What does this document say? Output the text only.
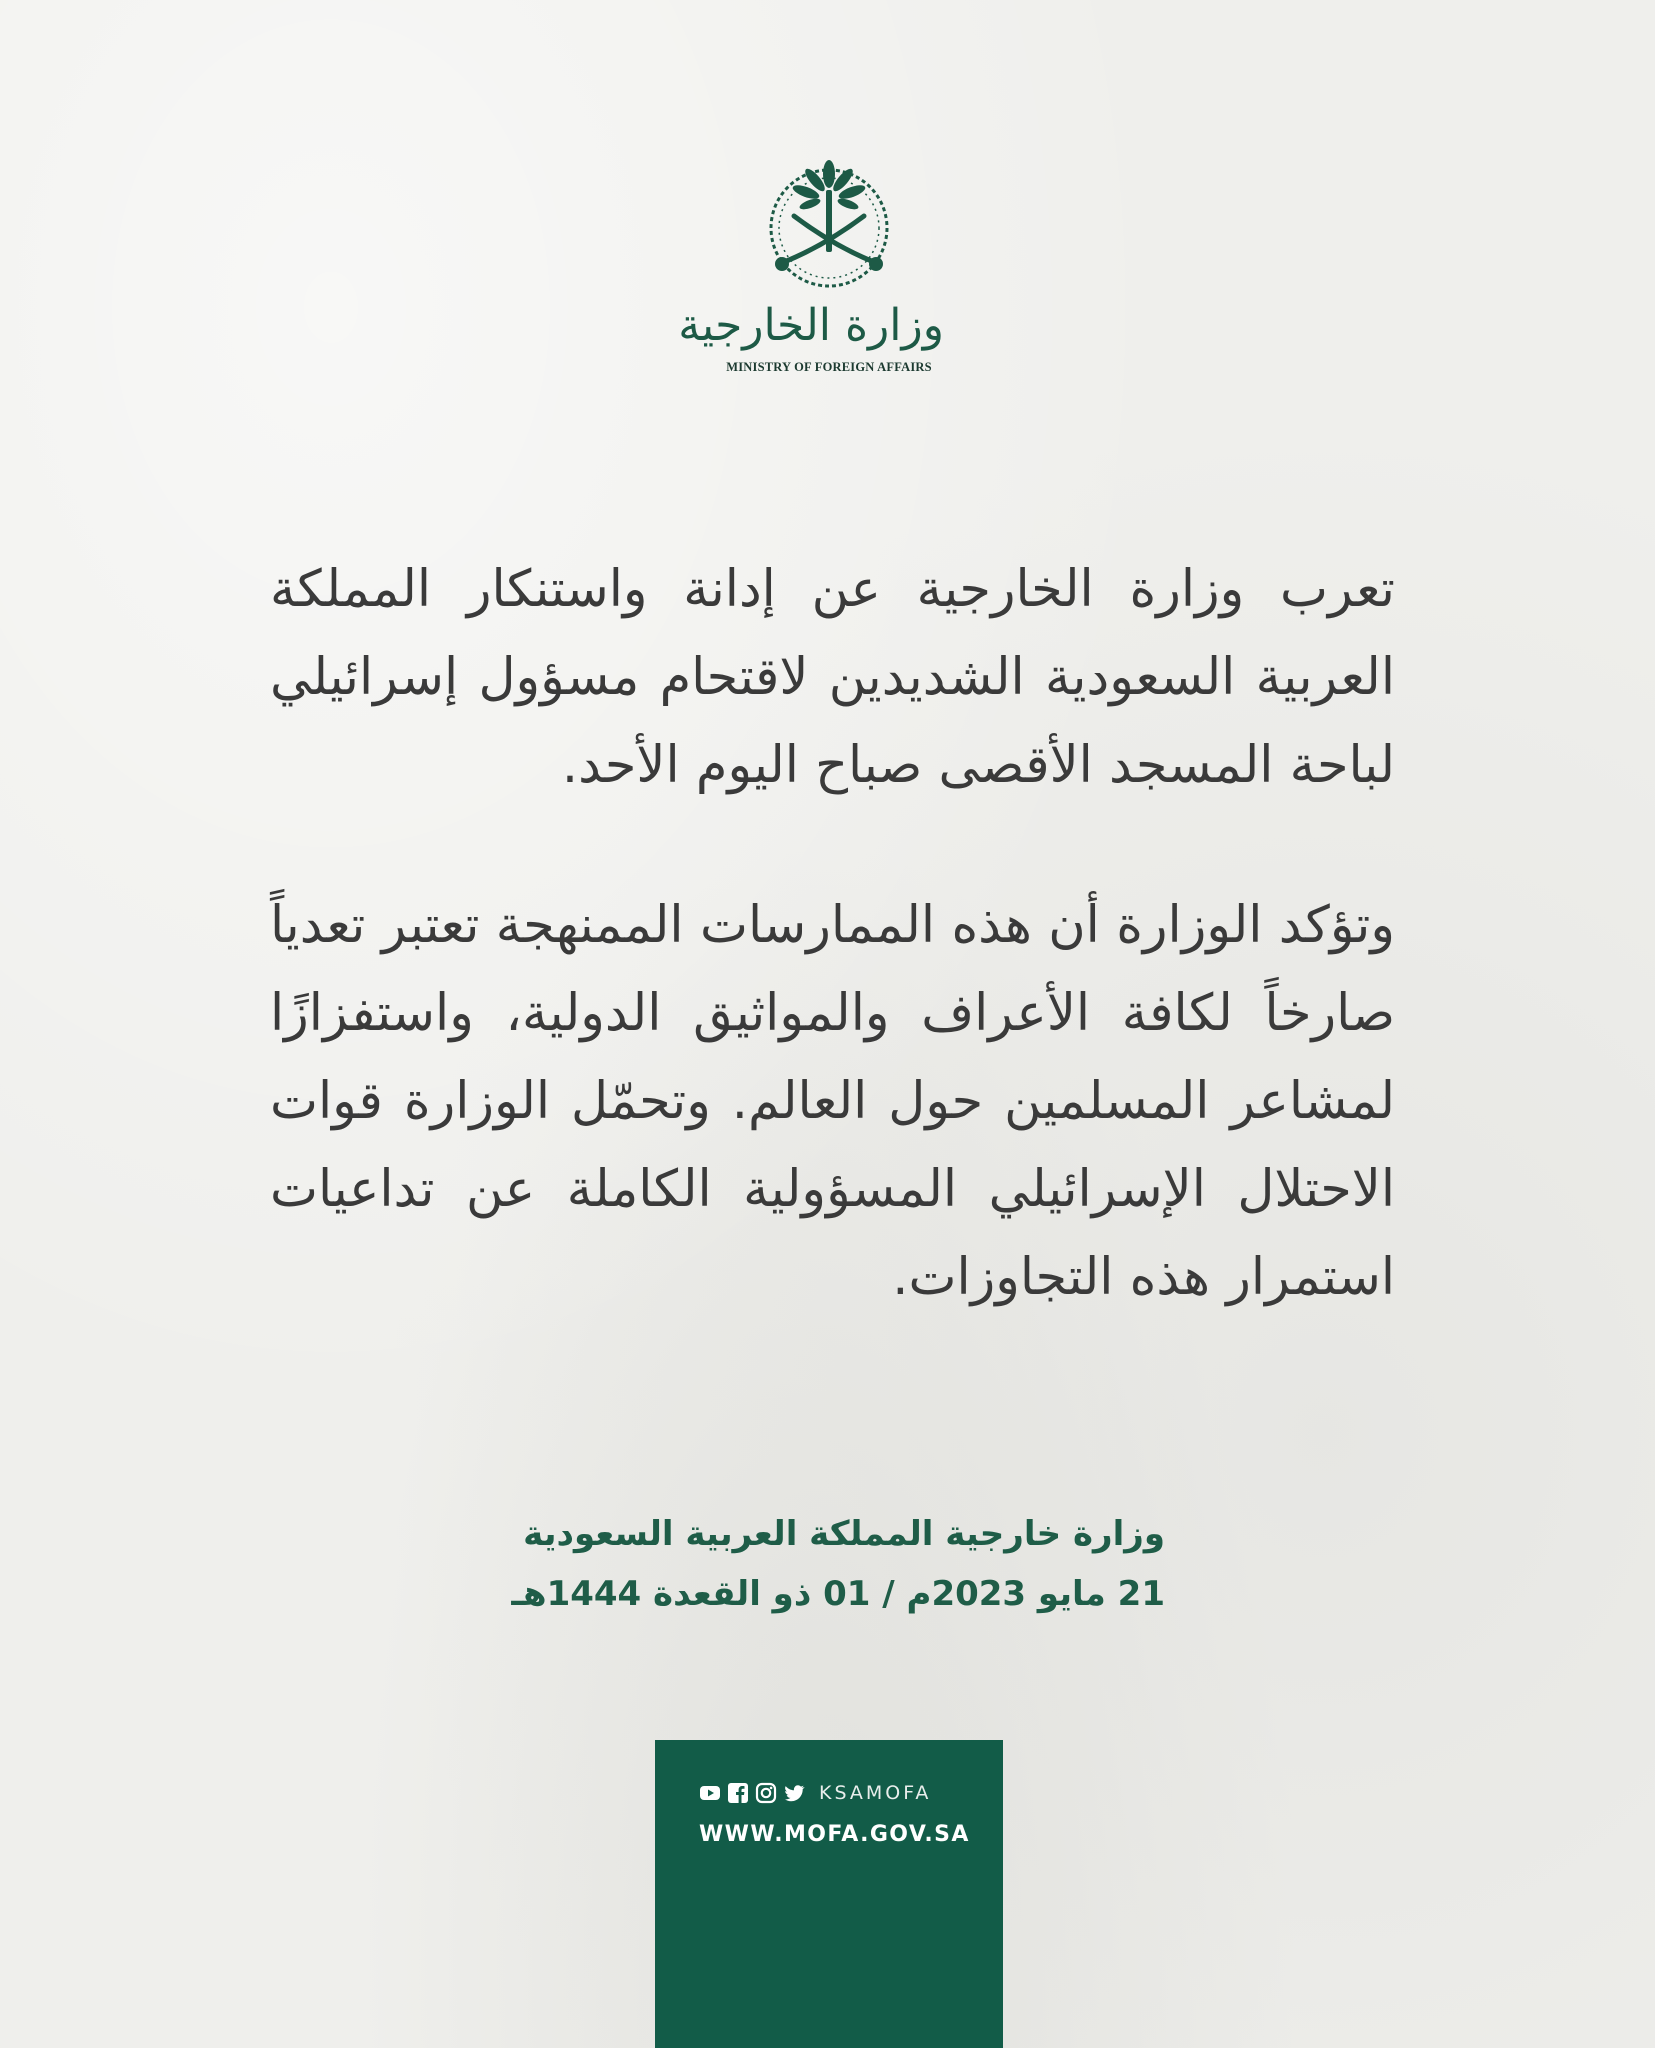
وزارة الخارجية
MINISTRY OF FOREIGN AFFAIRS
تعرب وزارة الخارجية عن إدانة واستنكار المملكة العربية السعودية الشديدين لاقتحام مسؤول إسرائيلي لباحة المسجد الأقصى صباح اليوم الأحد.
وتؤكد الوزارة أن هذه الممارسات الممنهجة تعتبر تعدياً صارخاً لكافة الأعراف والمواثيق الدولية، واستفزازًا لمشاعر المسلمين حول العالم. وتحمّل الوزارة قوات الاحتلال الإسرائيلي المسؤولية الكاملة عن تداعيات استمرار هذه التجاوزات.
وزارة خارجية المملكة العربية السعودية
21 مايو 2023م / 01 ذو القعدة 1444هـ
KSAMOFA
WWW.MOFA.GOV.SA
